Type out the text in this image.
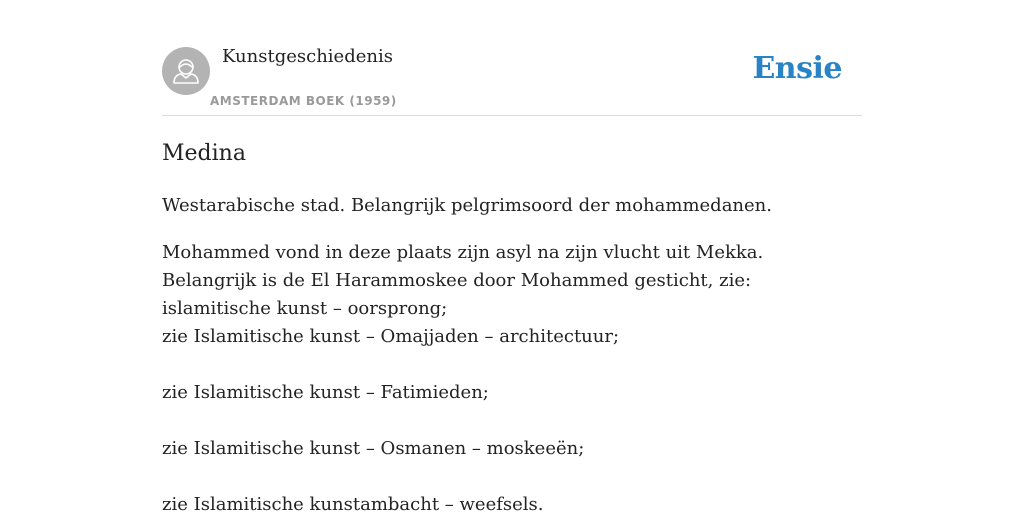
Kunstgeschiedenis
AMSTERDAM BOEK (1959)
Ensie
Medina

Westarabische stad. Belangrijk pelgrimsoord der mohammedanen.

Mohammed vond in deze plaats zijn asyl na zijn vlucht uit Mekka. Belangrijk is de El Harammoskee door Mohammed gesticht, zie: islamitische kunst – oorsprong;

zie Islamitische kunst – Omajjaden – architectuur;

zie Islamitische kunst – Fatimieden;

zie Islamitische kunst – Osmanen – moskeeën;

zie Islamitische kunstambacht – weefsels.
